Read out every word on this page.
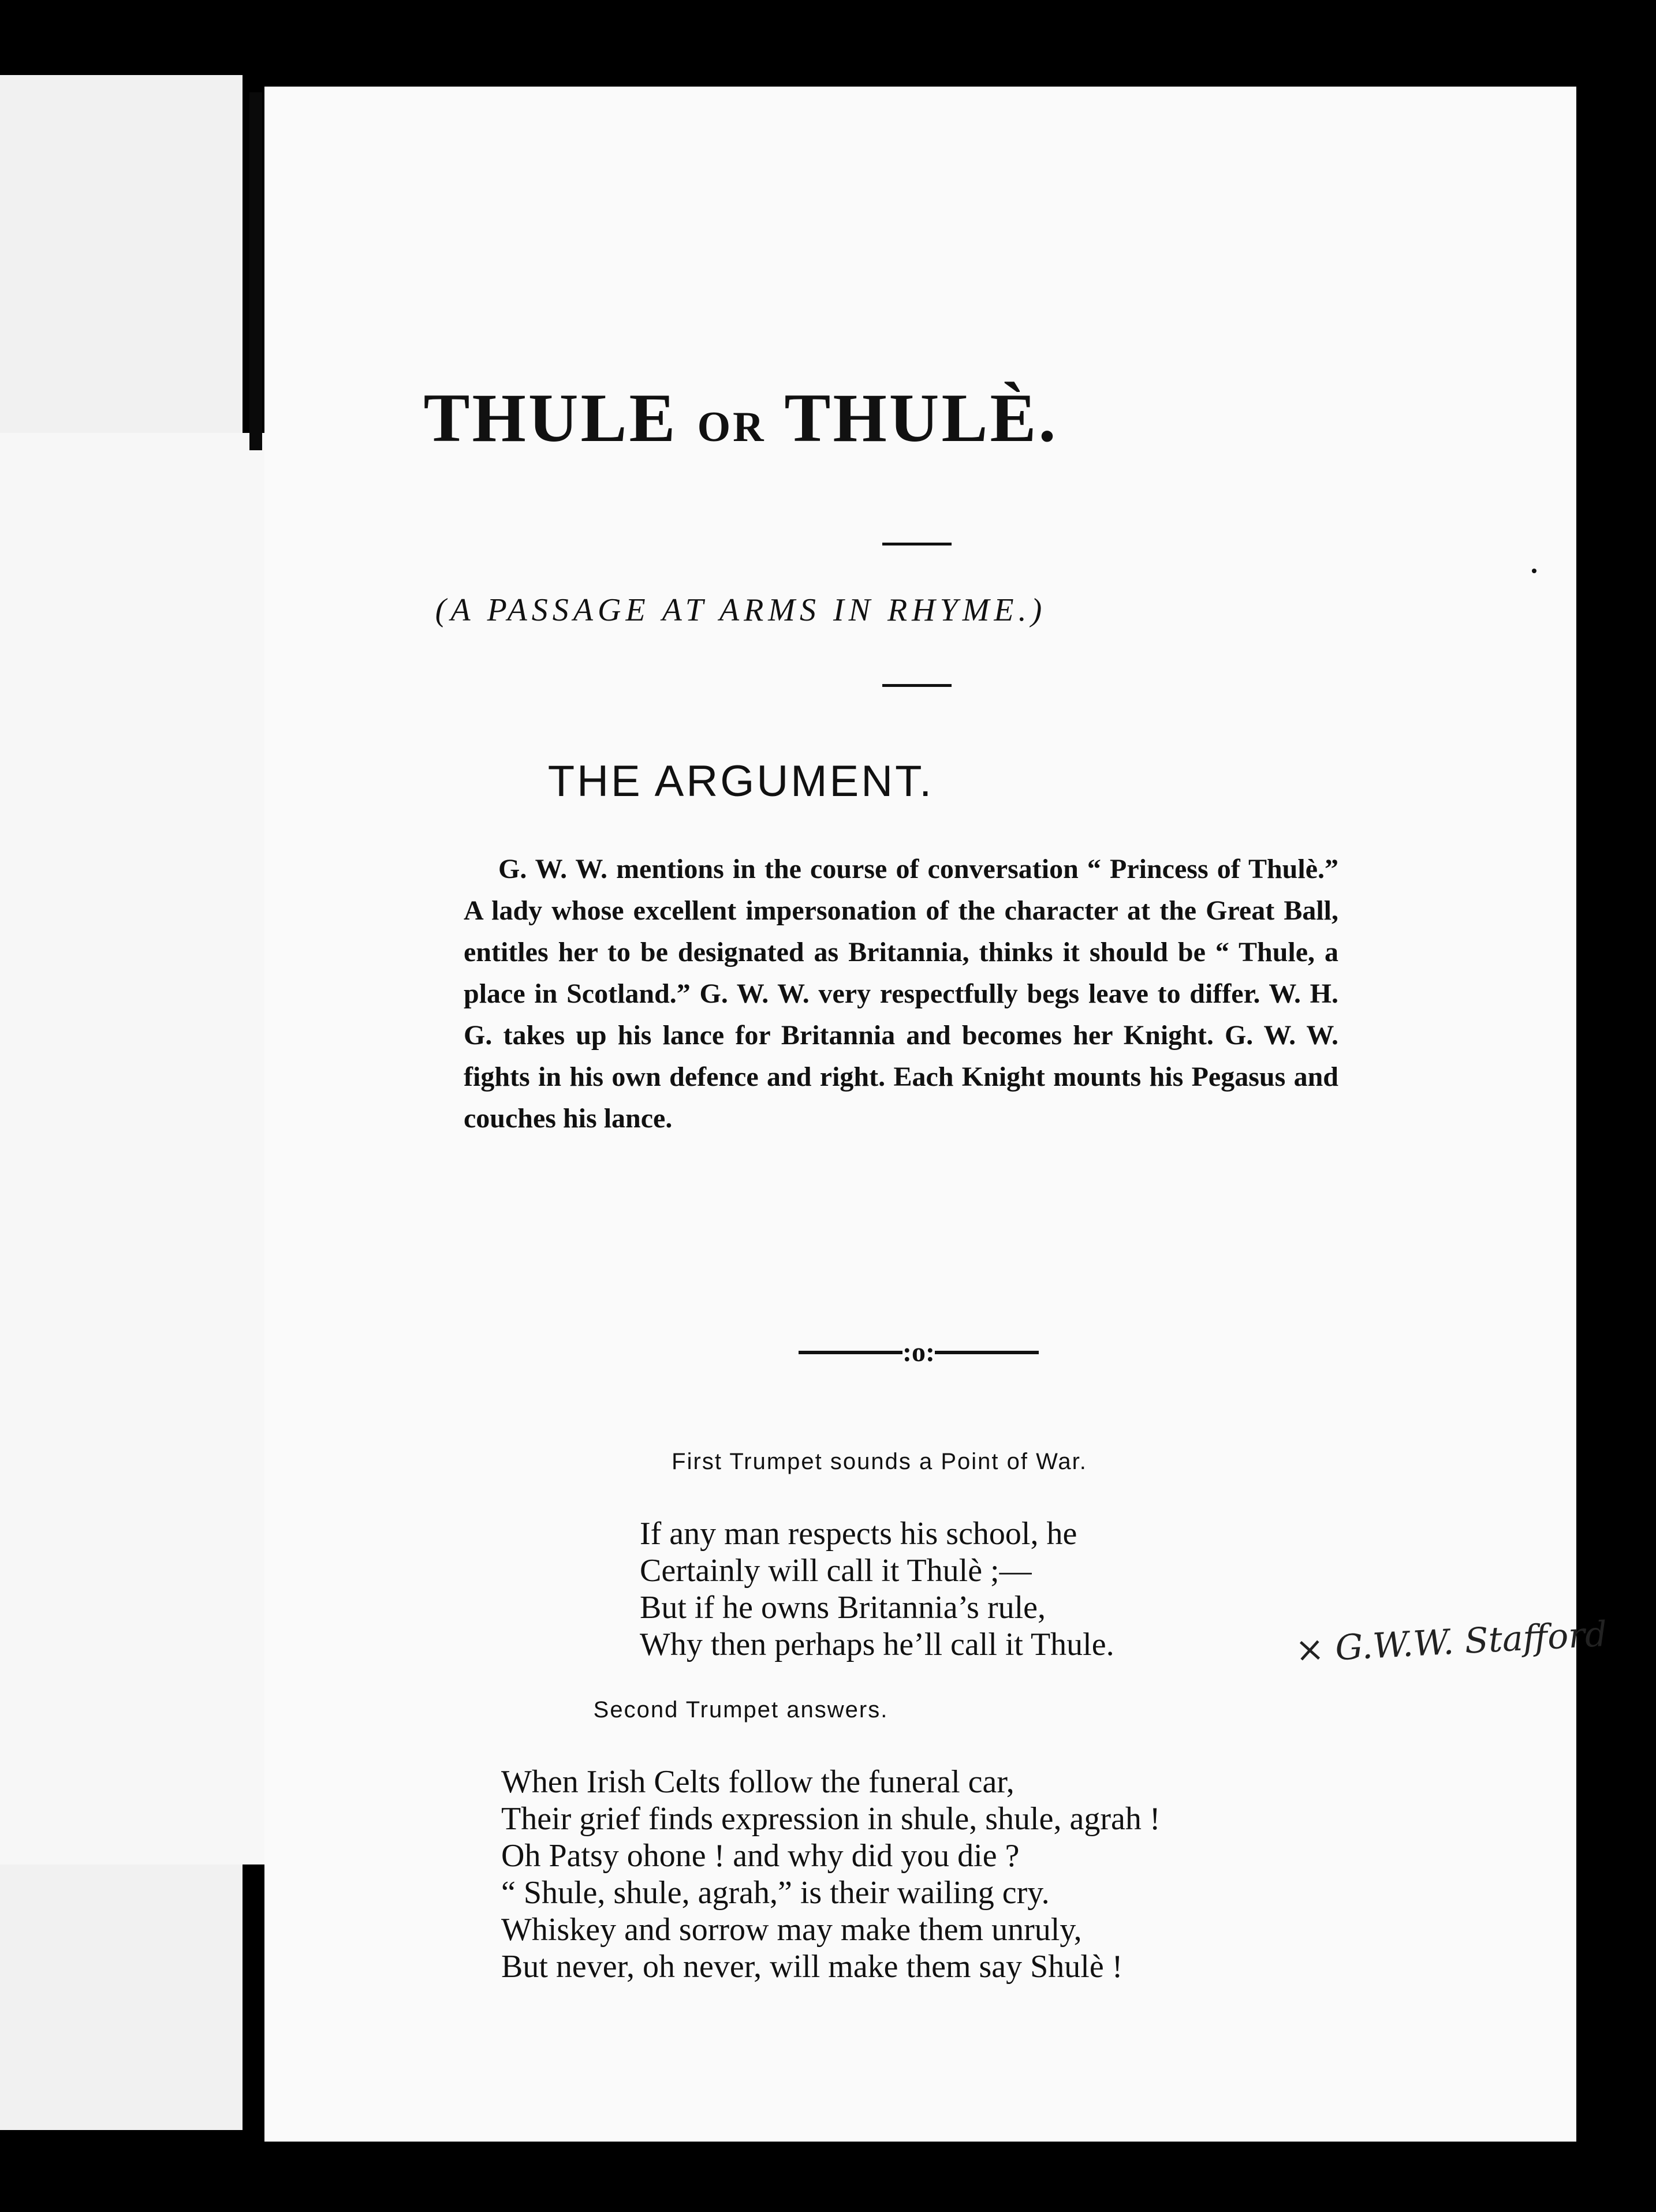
THULE OR THULÈ.
(A PASSAGE AT ARMS IN RHYME.)
THE ARGUMENT.

G. W. W. mentions in the course of conversation “ Princess of Thulè.” A lady whose excellent impersonation of the character at the Great Ball, entitles her to be designated as Britannia, thinks it should be “ Thule, a place in Scotland.” G. W. W. very respectfully begs leave to differ. W. H. G. takes up his lance for Britannia and becomes her Knight. G. W. W. fights in his own defence and right. Each Knight mounts his Pegasus and couches his lance.

:o:
First Trumpet sounds a Point of War.
If any man respects his school, he
Certainly will call it Thulè ;—
But if he owns Britannia’s rule,
Why then perhaps he’ll call it Thule.	× G.W.W. Stafford
Second Trumpet answers.
When Irish Celts follow the funeral car,
Their grief finds expression in shule, shule, agrah !
Oh Patsy ohone ! and why did you die ?
“ Shule, shule, agrah,” is their wailing cry.
Whiskey and sorrow may make them unruly,
But never, oh never, will make them say Shulè !
